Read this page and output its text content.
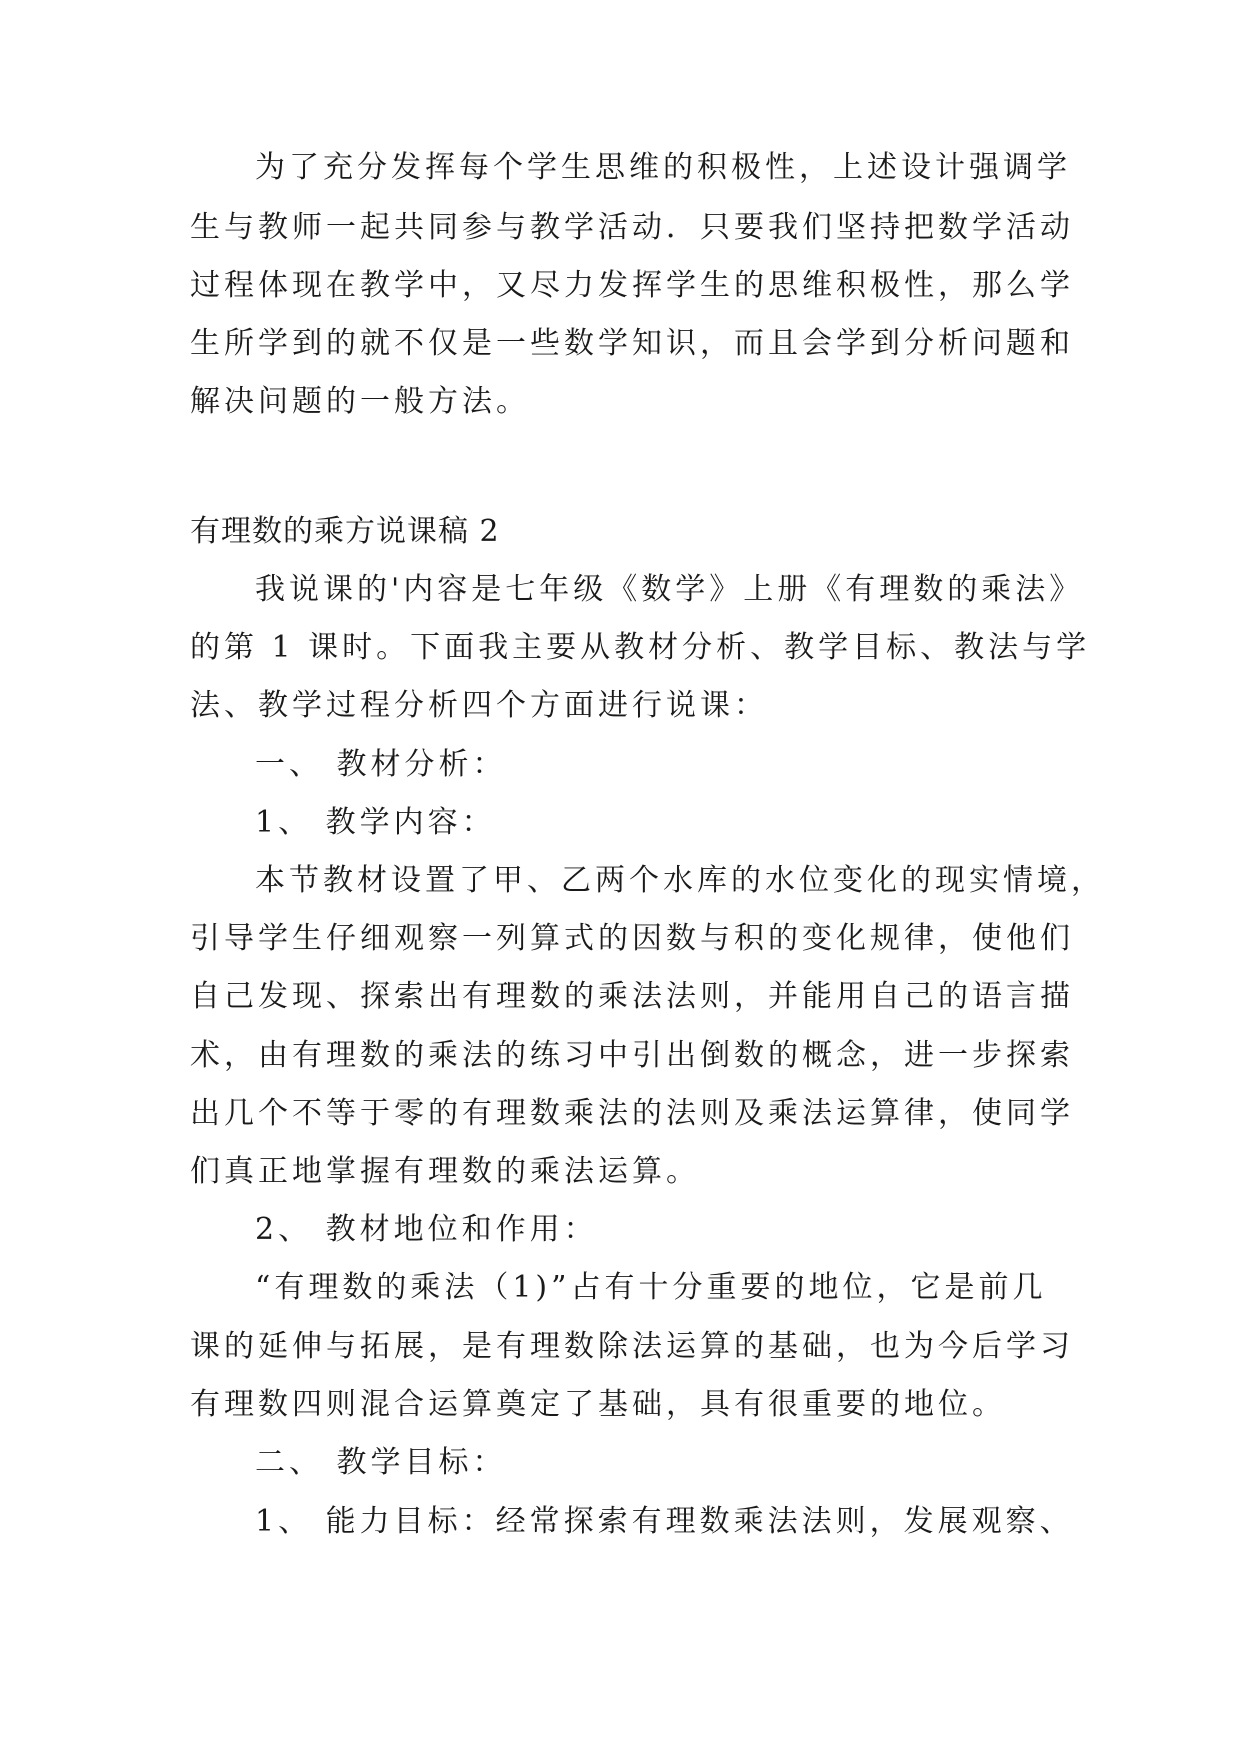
为了充分发挥每个学生思维的积极性，上述设计强调学
生与教师一起共同参与教学活动．只要我们坚持把数学活动
过程体现在教学中，又尽力发挥学生的思维积极性，那么学
生所学到的就不仅是一些数学知识，而且会学到分析问题和
解决问题的一般方法。
有理数的乘方说课稿 2
我说课的'内容是七年级《数学》上册《有理数的乘法》
的第 1 课时。下面我主要从教材分析、教学目标、教法与学
法、教学过程分析四个方面进行说课：
一、 教材分析：
1、 教学内容：
本节教材设置了甲、乙两个水库的水位变化的现实情境，
引导学生仔细观察一列算式的因数与积的变化规律，使他们
自己发现、探索出有理数的乘法法则，并能用自己的语言描
术，由有理数的乘法的练习中引出倒数的概念，进一步探索
出几个不等于零的有理数乘法的法则及乘法运算律，使同学
们真正地掌握有理数的乘法运算。
2、 教材地位和作用：
“有理数的乘法（1)”占有十分重要的地位，它是前几
课的延伸与拓展，是有理数除法运算的基础，也为今后学习
有理数四则混合运算奠定了基础，具有很重要的地位。
二、 教学目标：
1、 能力目标：经常探索有理数乘法法则，发展观察、
